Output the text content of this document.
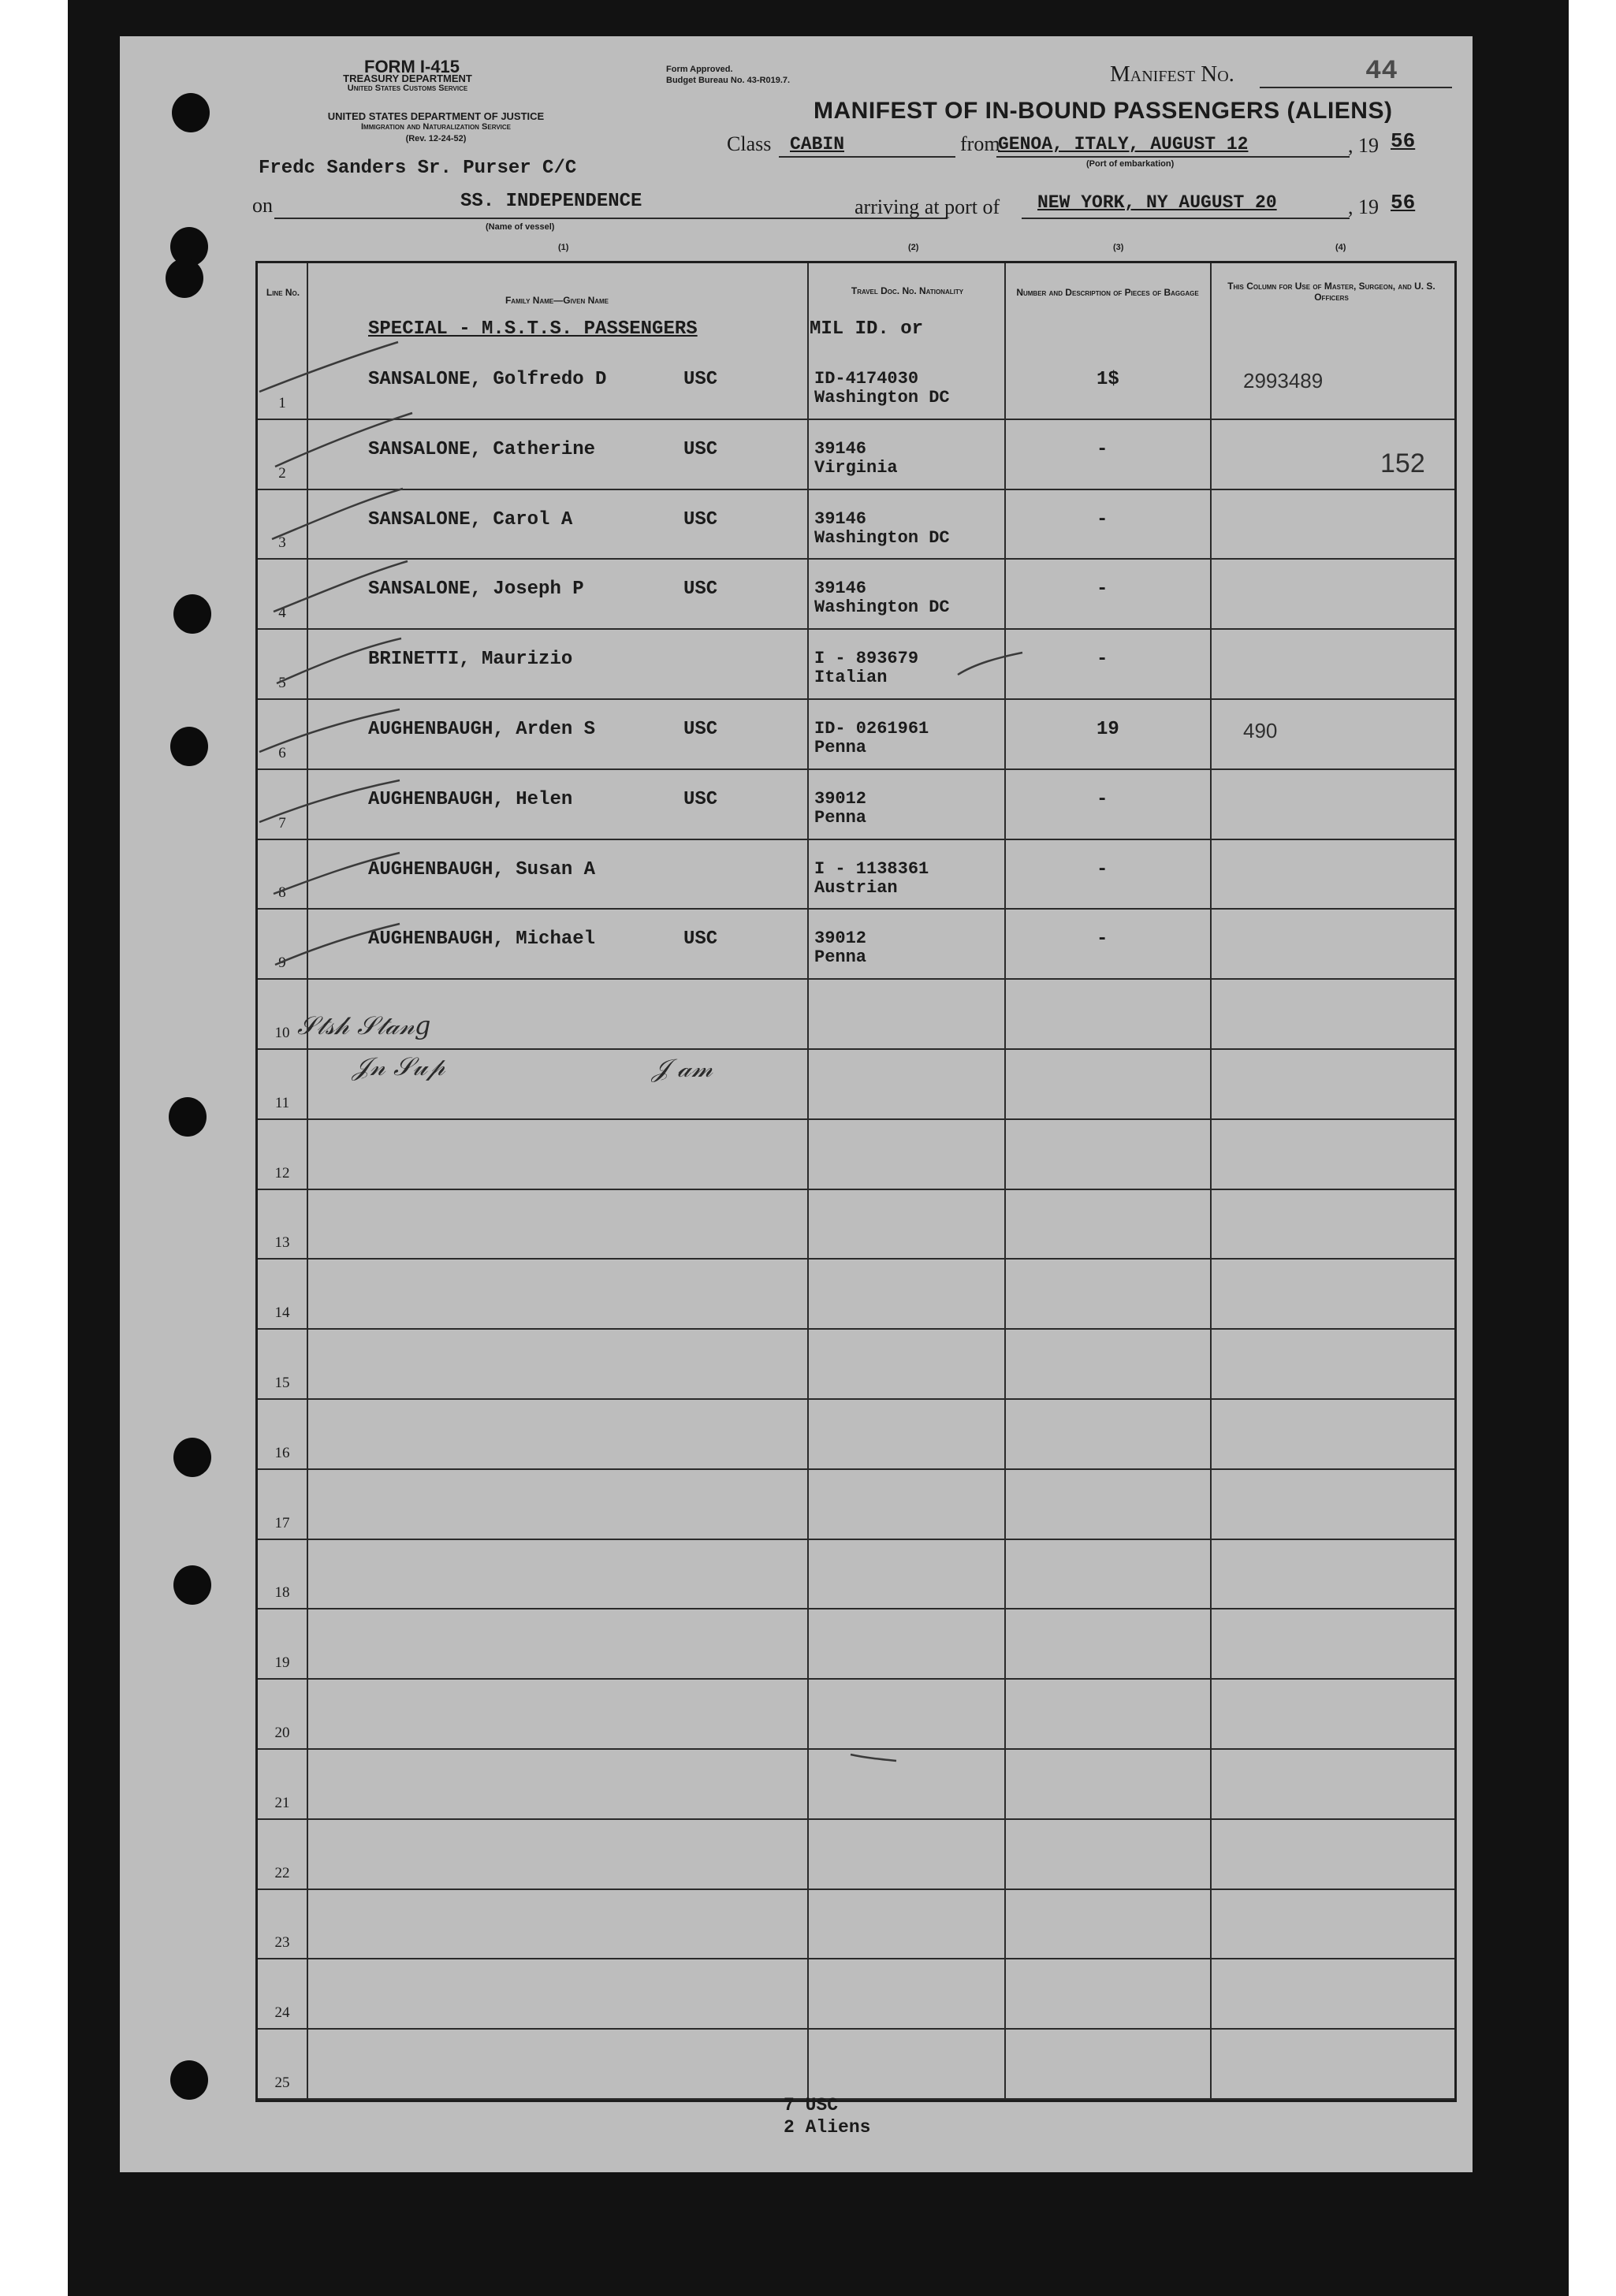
FORM I-415
TREASURY DEPARTMENT
United States Customs Service
UNITED STATES DEPARTMENT OF JUSTICE
Immigration and Naturalization Service
(Rev. 12-24-52)
Form Approved.
Budget Bureau No. 43-R019.7.	Manifest No.	44
MANIFEST OF IN-BOUND PASSENGERS (ALIENS)
Class CABIN	from
GENOA, ITALY, AUGUST 12	, 19 56
(Port of embarkation)
Fredc Sanders Sr. Purser C/C
on	SS. INDEPENDENCE
(Name of vessel)
arriving at port of NEW YORK, NY AUGUST 20	, 19 56
(1)	(2)	(3)	(4)
Line No.
Family Name—Given Name
Travel Doc. No. Nationality	Number and Description of Pieces of Baggage
This Column for Use of Master, Surgeon, and U. S. Officers
SPECIAL - M.S.T.S. PASSENGERS	MIL ID. or
1
SANSALONE, Golfredo D	USC	ID-4174030
Washington DC
1$	2993489
2
SANSALONE, Catherine	USC	39146
Virginia
-	152
3
SANSALONE, Carol A	USC	39146
Washington DC
-
4
SANSALONE, Joseph P	USC	39146
Washington DC
-
5
BRINETTI, Maurizio	I - 893679
Italian
-
6
AUGHENBAUGH, Arden S	USC	ID- 0261961
Penna
19	490
7
AUGHENBAUGH, Helen	USC	39012
Penna
-
8
AUGHENBAUGH, Susan A	I - 1138361
Austrian
-
9
AUGHENBAUGH, Michael	USC	39012
Penna
-
10
11
12
13
14
15
16
17
18
19
20
21
22
23
24
25
𝒮𝓉𝓈𝒽 𝒮𝓉𝒶𝓃𝑔
𝒥𝓃 𝒮𝓊𝓅	𝒥 𝒶𝓂
7 USC
2 Aliens
